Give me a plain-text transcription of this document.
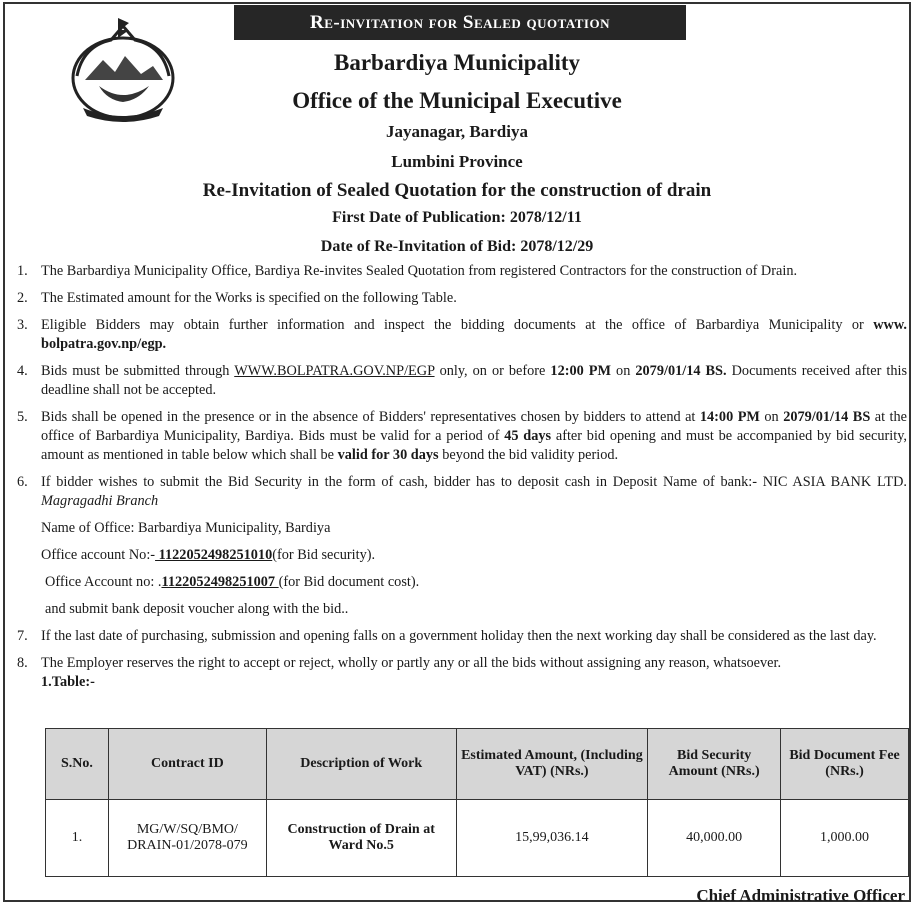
Re-invitation for Sealed quotation
Barbardiya Municipality
Office of the Municipal Executive
Jayanagar, Bardiya
Lumbini Province
Re-Invitation of Sealed Quotation for the construction of drain
First Date of Publication: 2078/12/11
Date of Re-Invitation of Bid: 2078/12/29
1. The Barbardiya Municipality Office, Bardiya Re-invites Sealed Quotation from registered Contractors for the construction of Drain.
2. The Estimated amount for the Works is specified on the following Table.
3. Eligible Bidders may obtain further information and inspect the bidding documents at the office of Barbardiya Municipality or www. bolpatra.gov.np/egp.
4. Bids must be submitted through WWW.BOLPATRA.GOV.NP/EGP only, on or before 12:00 PM on 2079/01/14 BS. Documents received after this deadline shall not be accepted.
5. Bids shall be opened in the presence or in the absence of Bidders' representatives chosen by bidders to attend at 14:00 PM on 2079/01/14 BS at the office of Barbardiya Municipality, Bardiya. Bids must be valid for a period of 45 days after bid opening and must be accompanied by bid security, amount as mentioned in table below which shall be valid for 30 days beyond the bid validity period.
6. If bidder wishes to submit the Bid Security in the form of cash, bidder has to deposit cash in Deposit Name of bank:- NIC ASIA BANK LTD. Magragadhi Branch
Name of Office: Barbardiya Municipality, Bardiya
Office account No:- 1122052498251010(for Bid security).
Office Account no: .1122052498251007 (for Bid document cost).
and submit bank deposit voucher along with the bid..
7. If the last date of purchasing, submission and opening falls on a government holiday then the next working day shall be considered as the last day.
8. The Employer reserves the right to accept or reject, wholly or partly any or all the bids without assigning any reason, whatsoever.
1.Table:-
S.No.	Contract ID	Description of Work	Estimated Amount, (Including VAT) (NRs.)	Bid Security Amount (NRs.)	Bid Document Fee (NRs.)
1.	MG/W/SQ/BMO/ DRAIN-01/2078-079	Construction of Drain at Ward No.5	15,99,036.14	40,000.00	1,000.00
Chief Administrative Officer
